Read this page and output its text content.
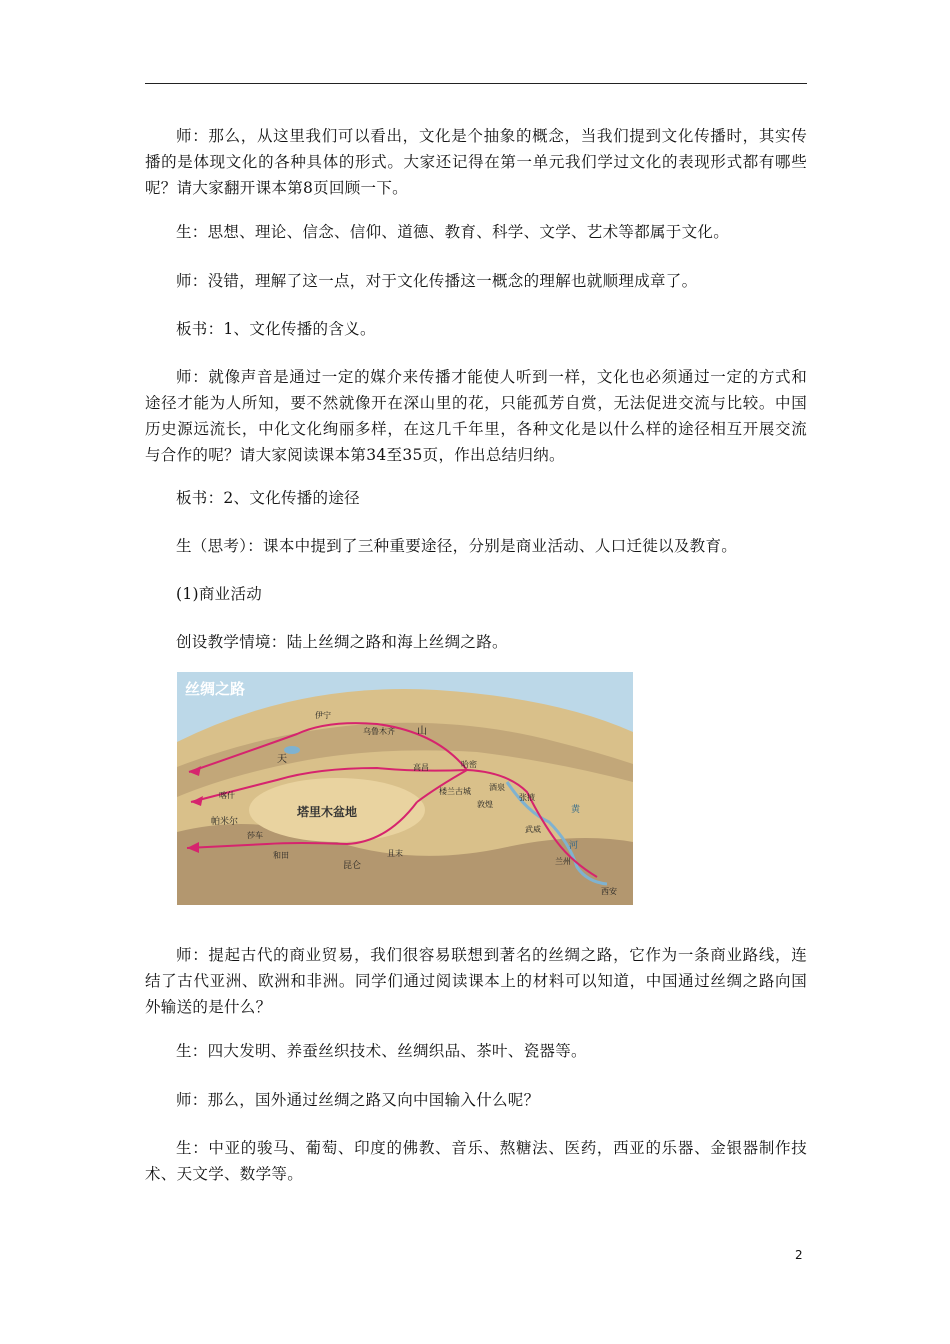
师：那么，从这里我们可以看出，文化是个抽象的概念，当我们提到文化传播时，其实传播的是体现文化的各种具体的形式。大家还记得在第一单元我们学过文化的表现形式都有哪些呢？请大家翻开课本第8页回顾一下。

生：思想、理论、信念、信仰、道德、教育、科学、文学、艺术等都属于文化。

师：没错，理解了这一点，对于文化传播这一概念的理解也就顺理成章了。

板书：1、文化传播的含义。

师：就像声音是通过一定的媒介来传播才能使人听到一样，文化也必须通过一定的方式和途径才能为人所知，要不然就像开在深山里的花，只能孤芳自赏，无法促进交流与比较。中国历史源远流长，中化文化绚丽多样，在这几千年里，各种文化是以什么样的途径相互开展交流与合作的呢？请大家阅读课本第34至35页，作出总结归纳。

板书：2、文化传播的途径

生（思考）：课本中提到了三种重要途径，分别是商业活动、人口迁徙以及教育。

(1)商业活动

创设教学情境：陆上丝绸之路和海上丝绸之路。

丝绸之路
塔里木盆地
天
山
乌鲁木齐
哈密
帕米尔
喀什
伊宁
高昌
敦煌
酒泉
张掖
武威
兰州
西安
楼兰古城
昆仑
和田
莎车
且末
黄
河

师：提起古代的商业贸易，我们很容易联想到著名的丝绸之路，它作为一条商业路线，连结了古代亚洲、欧洲和非洲。同学们通过阅读课本上的材料可以知道，中国通过丝绸之路向国外输送的是什么？

生：四大发明、养蚕丝织技术、丝绸织品、茶叶、瓷器等。

师：那么，国外通过丝绸之路又向中国输入什么呢？

生：中亚的骏马、葡萄、印度的佛教、音乐、熬糖法、医药，西亚的乐器、金银器制作技术、天文学、数学等。

2
